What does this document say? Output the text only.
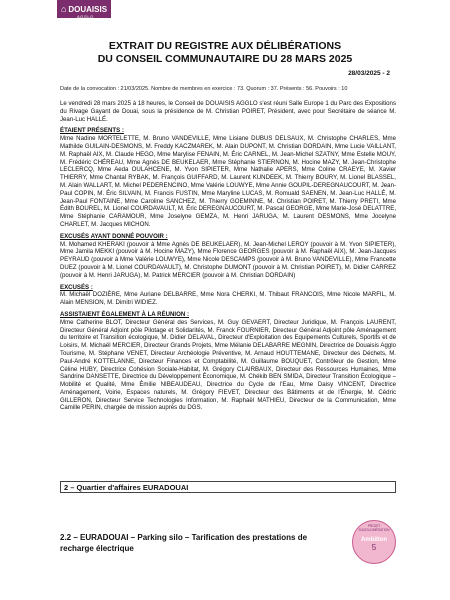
⌂ DOUAISIS
AGGLO
EXTRAIT DU REGISTRE AUX DÉLIBÉRATIONS
DU CONSEIL COMMUNAUTAIRE DU 28 MARS 2025
28/03/2025 - 2
Date de la convocation : 21/03/2025. Nombre de membres en exercice : 73. Quorum : 37. Présents : 56. Pouvoirs : 10

Le vendredi 28 mars 2025 à 18 heures, le Conseil de DOUAISIS AGGLO s'est réuni Salle Europe 1 du Parc des Expositions du Rivage Gayant de Douai, sous la présidence de M. Christian POIRET, Président, avec pour Secrétaire de séance M. Jean-Luc HALLÉ.

ÉTAIENT PRÉSENTS :

Mme Nadine MORTELETTE, M. Bruno VANDEVILLE, Mme Lisiane DUBUS DELSAUX, M. Christophe CHARLES, Mme Mathilde GUILAIN-DESMONS, M. Freddy KACZMAREK, M. Alain DUPONT, M. Christian DORDAIN, Mme Lucie VAILLANT, M. Raphaël AIX, M. Claude HEGO, Mme Marylise FENAIN, M. Éric CARNEL, M. Jean-Michel SZATNY, Mme Estelle MOUY, M. Frédéric CHÉREAU, Mme Agnès DE BEUKELAER, Mme Stéphanie STIERNON, M. Hocine MAZY, M. Jean-Christophe LECLERCQ, Mme Aeda OULAHCENE, M. Yvon SIPIETER, Mme Nathalie APERS, Mme Coline CRAEYE, M. Xavier THIERRY, Mme Chantal RYBAK, M. François GUIFFARD, M. Laurent KUNDEEK, M. Thierry BOURY, M. Lionel BLASSEL, M. Alain WALLART, M. Michel PEDERENCINO, Mme Valérie LOUWYE, Mme Annie GOUPIL-DEREGNAUCOURT, M. Jean-Paul COPIN, M. Éric SILVAIN, M. Francis FUSTIN, Mme Maryline LUCAS, M. Romuald SAENEN, M. Jean-Luc HALLÉ, M. Jean-Paul FONTAINE, Mme Caroline SANCHEZ, M. Thierry GOEMINNE, M. Christian POIRET, M. Thierry PRETI, Mme Édith BOUREL, M. Lionel COURDAVAULT, M. Éric DEREGNAUCOURT, M. Pascal GEORGE, Mme Marie-José DELATTRE, Mme Stéphanie CARAMOUR, Mme Joselyne GEMZA, M. Henri JARUGA, M. Laurent DESMONS, Mme Jocelyne CHARLET, M. Jacques MICHON.

EXCUSÉS AYANT DONNÉ POUVOIR :

M. Mohamed KHERAKI (pouvoir à Mme Agnès DE BEUKELAER), M. Jean-Michel LEROY (pouvoir à M. Yvon SIPIETER), Mme Jamila MEKKI (pouvoir à M. Hocine MAZY), Mme Florence GEORGES (pouvoir à M. Raphaël AIX), M. Jean-Jacques PEYRAUD (pouvoir à Mme Valérie LOUWYE), Mme Nicole DESCAMPS (pouvoir à M. Bruno VANDEVILLE), Mme Francette DUEZ (pouvoir à M. Lionel COURDAVAULT), M. Christophe DUMONT (pouvoir à M. Christian POIRET), M. Didier CARREZ (pouvoir à M. Henri JARUGA), M. Patrick MERCIER (pouvoir à M. Christian DORDAIN)

EXCUSÉS :

M. Michaël DOZIÈRE, Mme Auriane DELBARRE, Mme Nora CHERKI, M. Thibaut FRANCOIS, Mme Nicole MARFIL, M. Alain MENSION, M. Dimitri WIDIEZ.

ASSISTAIENT ÉGALEMENT À LA RÉUNION :

Mme Catherine BLOT, Directeur Général des Services, M. Guy GEVAERT, Directeur Juridique, M. François LAURENT, Directeur Général Adjoint pôle Pilotage et Solidarités, M. Franck FOURNIER, Directeur Général Adjoint pôle Aménagement du territoire et Transition écologique, M. Didier DELAVAL, Directeur d'Exploitation des Equipements Culturels, Sportifs et de Loisirs, M. Michaël MERCIER, Directeur Grands Projets, Mme Mélanie DELABARRE MEGNIN, Directrice de Douaisis Agglo Tourisme, M. Stéphane VENET, Directeur Archéologie Préventive, M. Arnaud HOUTTEMANE, Directeur des Déchets, M. Paul-André KOTTELANNE, Directeur Finances et Comptabilité, M. Guillaume BOUQUET, Contrôleur de Gestion, Mme Céline HUBY, Directrice Cohésion Sociale-Habitat, M. Grégory CLAIRBAUX, Directeur des Ressources Humaines, Mme Sandrine DANSETTE, Directrice du Développement Économique, M. Chékib BEN SMIDA, Directeur Transition Écologique – Mobilité et Qualité, Mme Émilie NIBEAUDEAU, Directrice du Cycle de l'Eau, Mme Daisy VINCENT, Directrice Aménagement, Voirie, Espaces naturels, M. Grégory FIEVET, Directeur des Bâtiments et de l'Énergie, M. Cédric GILLERON, Directeur Service Technologies Information, M. Raphaël MATHIEU, Directeur de la Communication, Mme Camille PERIN, chargée de mission auprès du DGS.

2 – Quartier d'affaires EURADOUAI
2.2 – EURADOUAI – Parking silo – Tarification des prestations de recharge électrique
PROJET D'AGGLOMÉRATION
Ambition
5
